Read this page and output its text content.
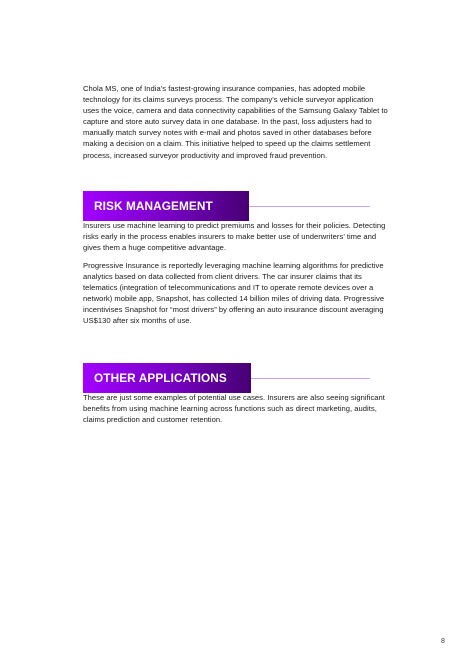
Chola MS, one of India’s fastest-growing insurance companies, has adopted mobile technology for its claims surveys process. The company’s vehicle surveyor application uses the voice, camera and data connectivity capabilities of the Samsung Galaxy Tablet to capture and store auto survey data in one database. In the past, loss adjusters had to manually match survey notes with e-mail and photos saved in other databases before making a decision on a claim. This initiative helped to speed up the claims settlement process, increased surveyor productivity and improved fraud prevention.

RISK MANAGEMENT

Insurers use machine learning to predict premiums and losses for their policies. Detecting risks early in the process enables insurers to make better use of underwriters’ time and gives them a huge competitive advantage.

Progressive Insurance is reportedly leveraging machine learning algorithms for predictive analytics based on data collected from client drivers. The car insurer claims that its telematics (integration of telecommunications and IT to operate remote devices over a network) mobile app, Snapshot, has collected 14 billion miles of driving data. Progressive incentivises Snapshot for “most drivers” by offering an auto insurance discount averaging US$130 after six months of use.

OTHER APPLICATIONS

These are just some examples of potential use cases. Insurers are also seeing significant benefits from using machine learning across functions such as direct marketing, audits, claims prediction and customer retention.

8
